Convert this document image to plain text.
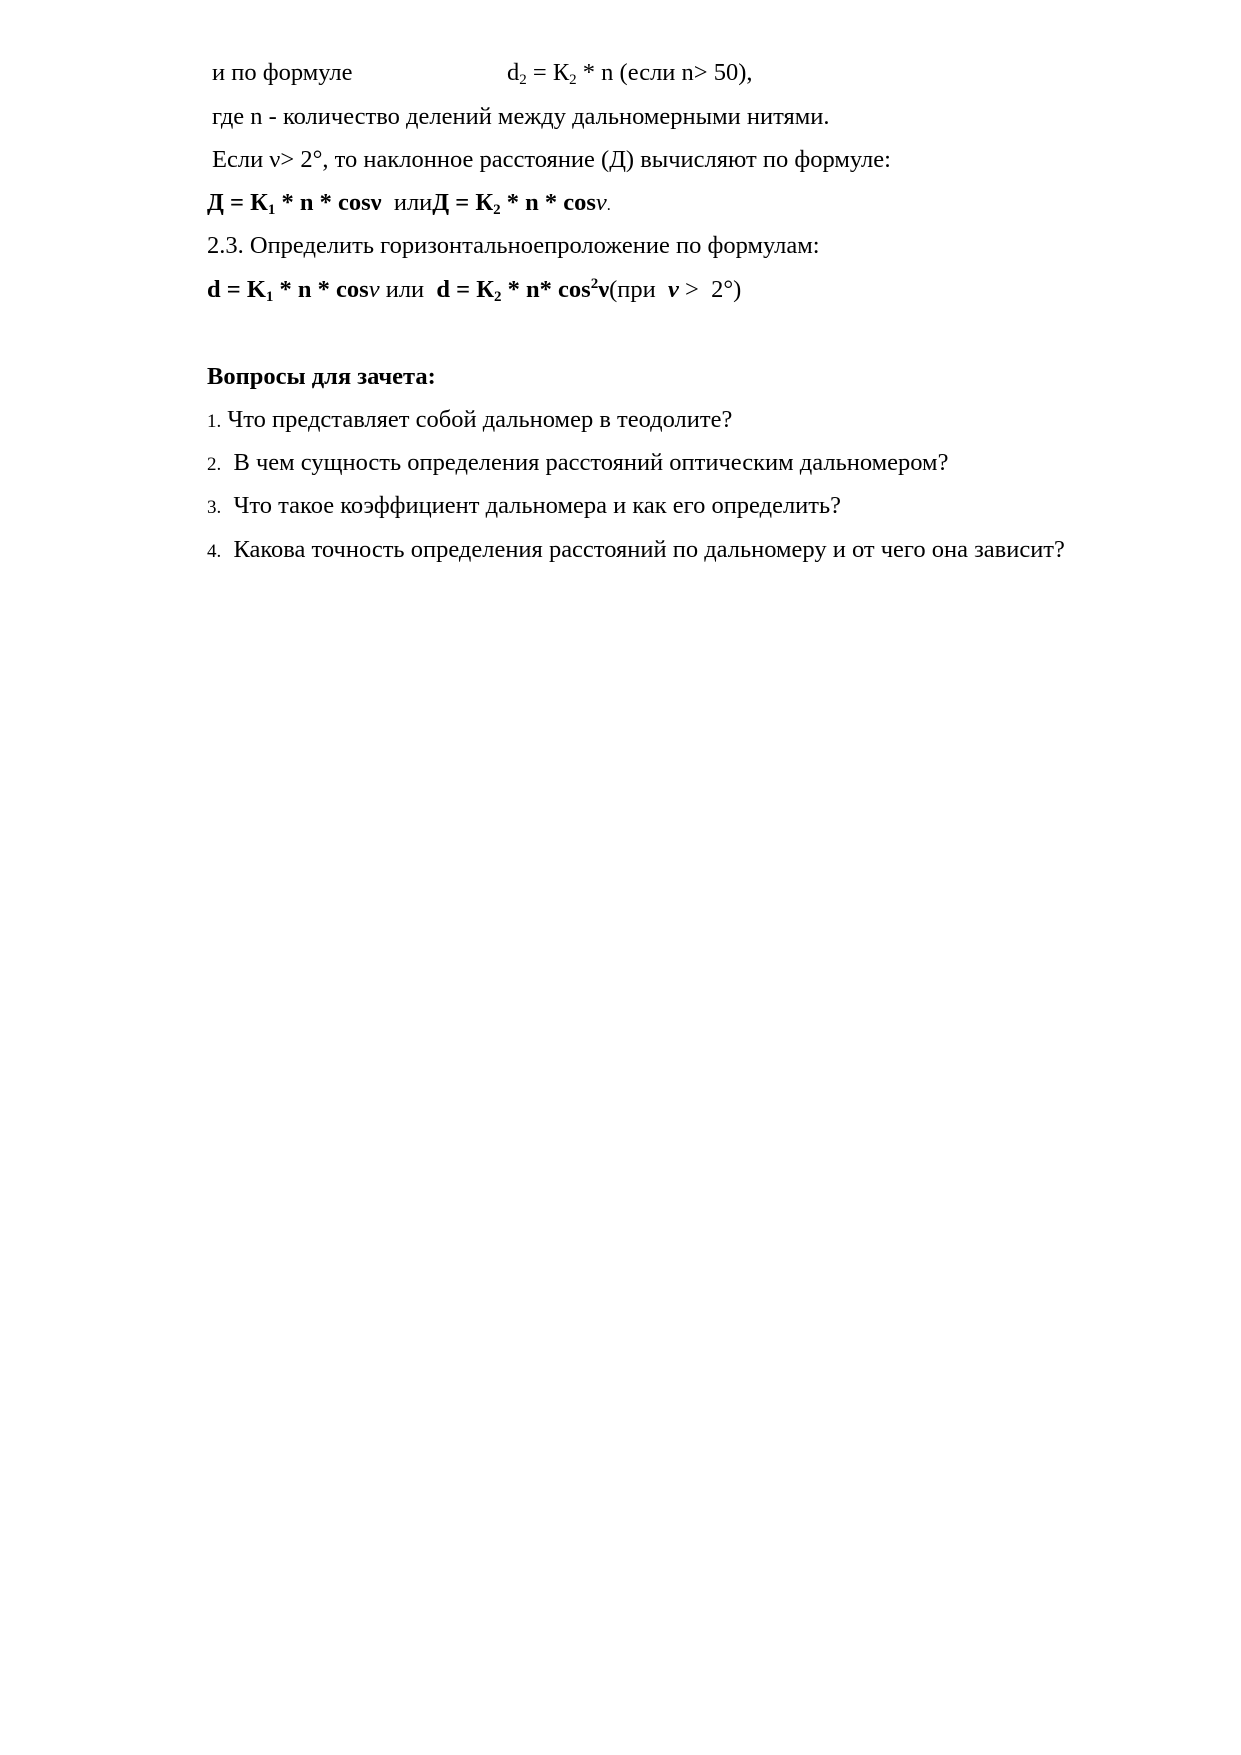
и по формуле	d2 = К2 * n (если n> 50),
где n - количество делений между дальномерными нитями.
Если ν> 2°, то наклонное расстояние (Д) вычисляют по формуле:
Д = К1 * n * cosν  илиД = К2 * n * cosν.
2.3. Определить горизонтальноепроложение по формулам:
d = K1 * n * cosν или  d = К2 * n* $\cos^2\nu(при$  ν >  2°)
Вопросы для зачета:
1. Что представляет собой дальномер в теодолите?
2.  В чем сущность определения расстояний оптическим дальномером?
3.  Что такое коэффициент дальномера и как его определить?
4.  Какова точность определения расстояний по дальномеру и от чего она зависит?
